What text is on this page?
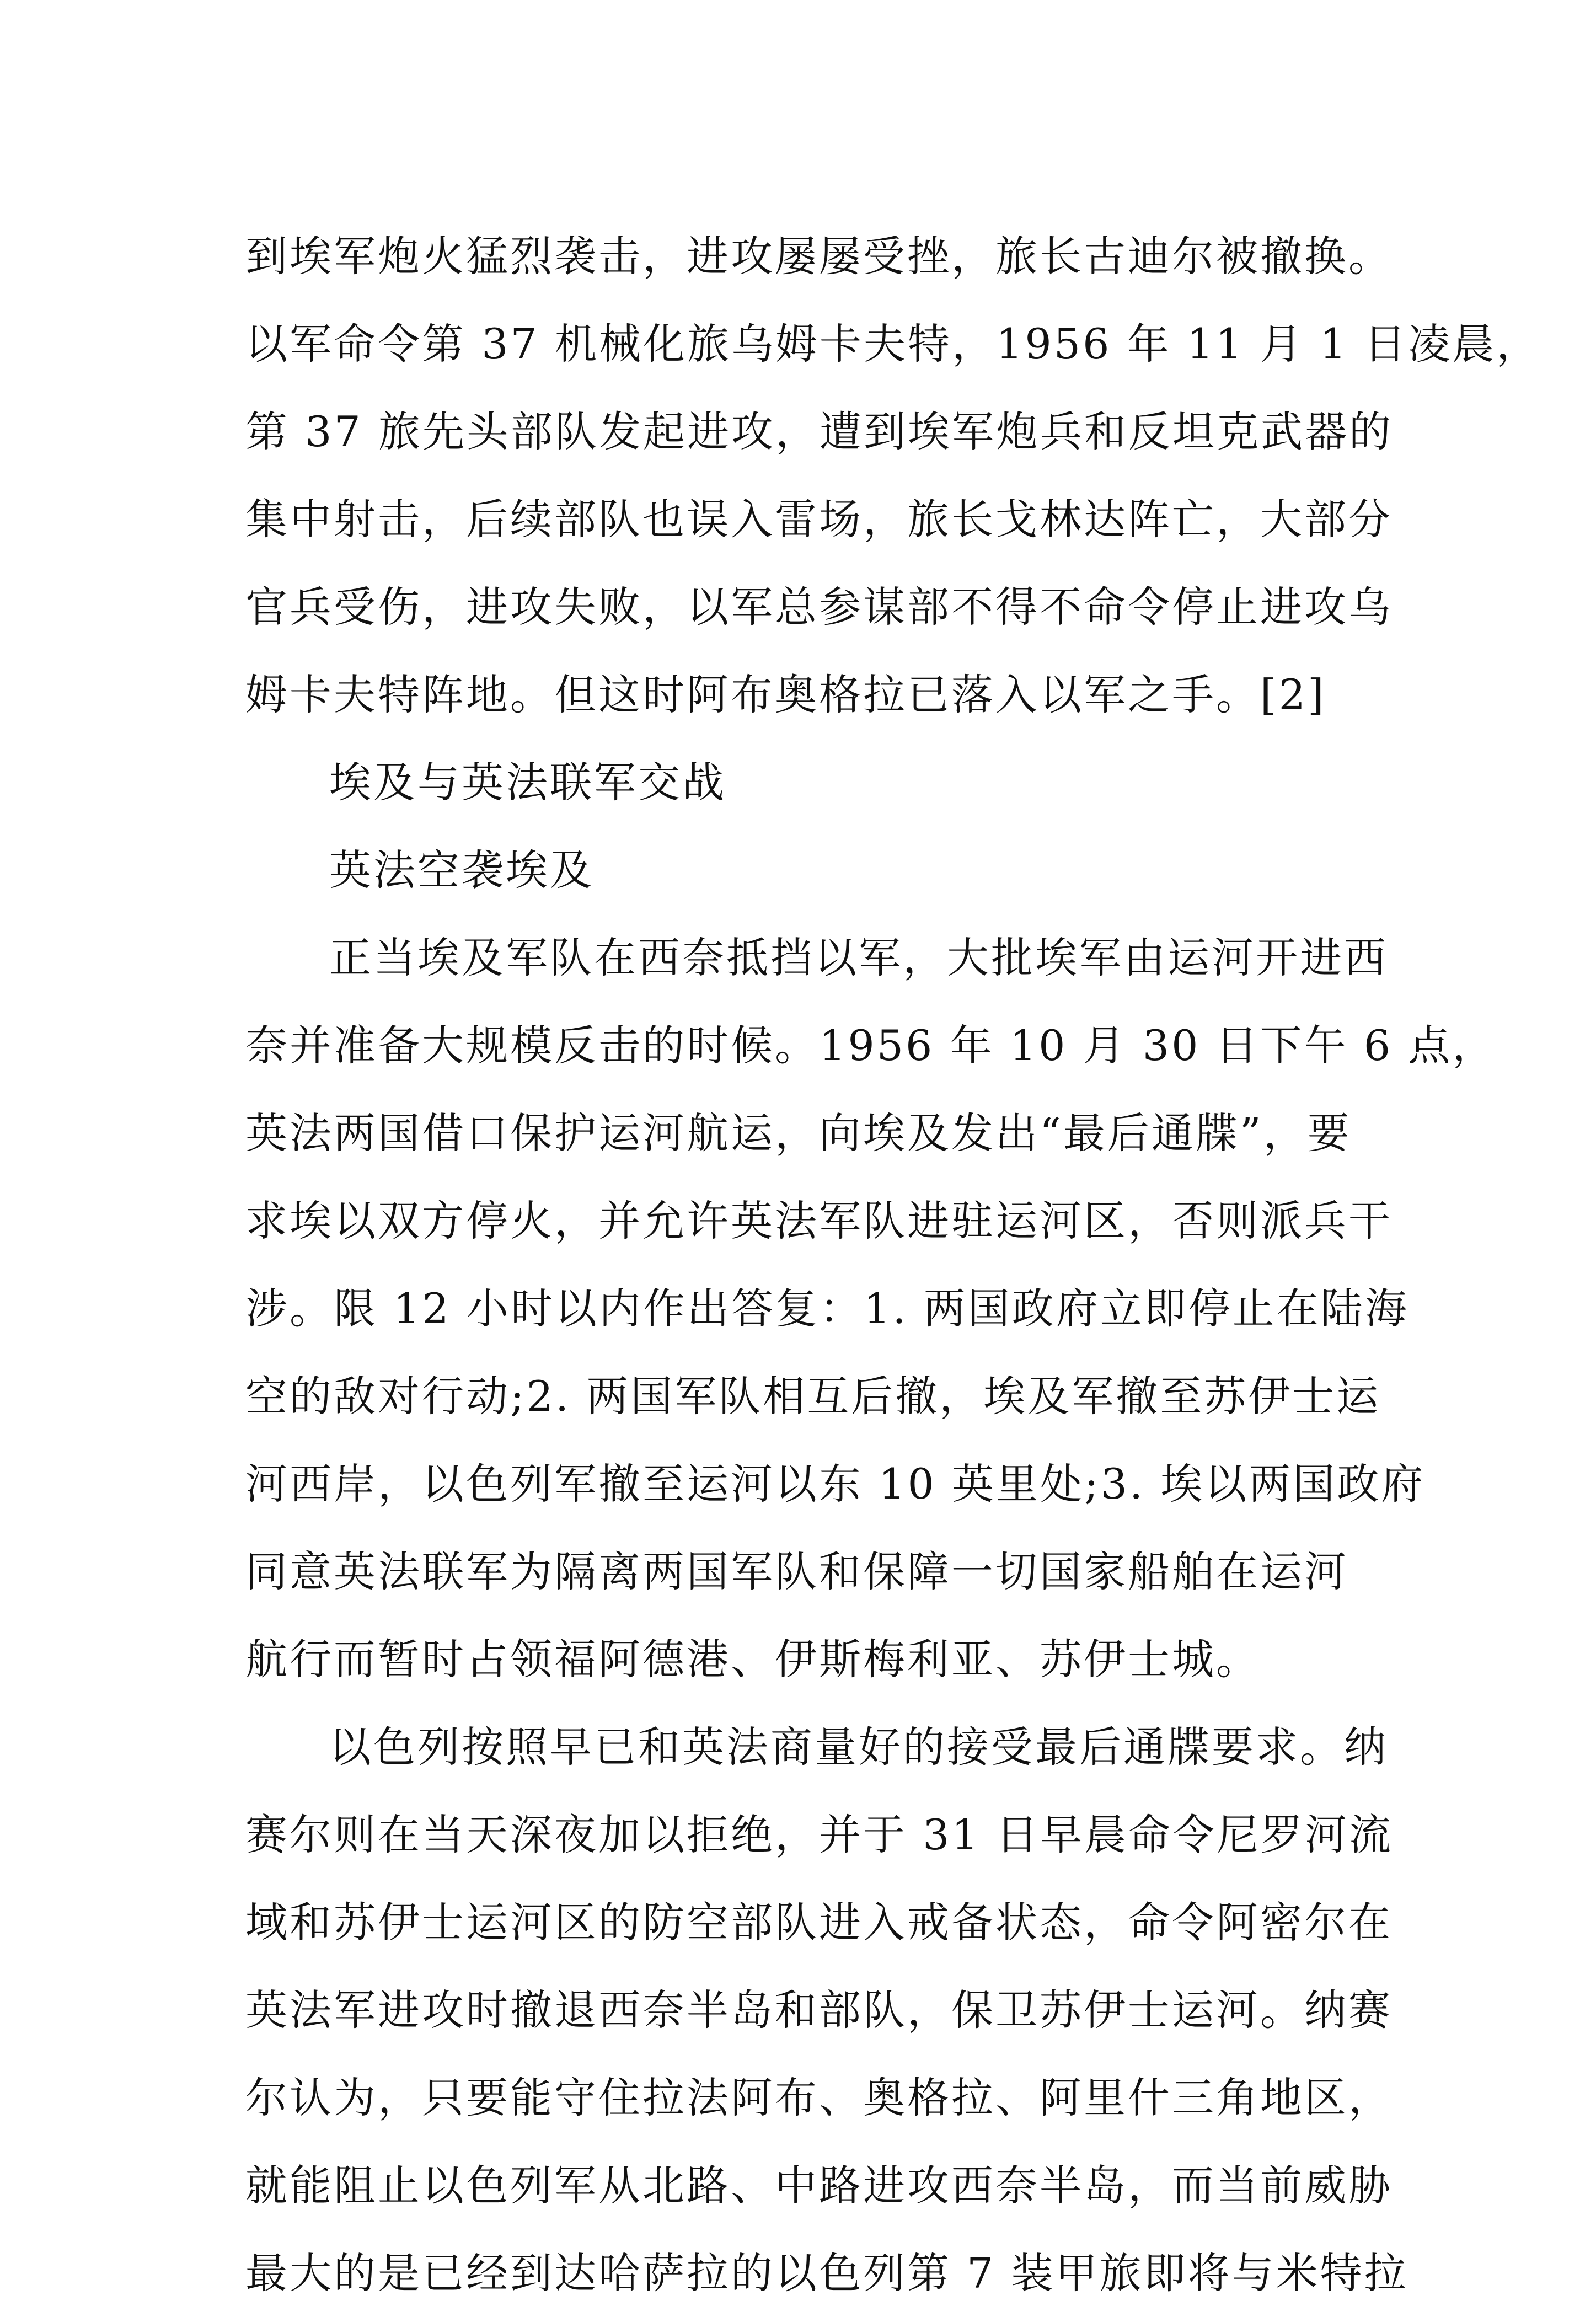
到埃军炮火猛烈袭击，进攻屡屡受挫，旅长古迪尔被撤换。
以军命令第 37 机械化旅乌姆卡夫特，1956 年 11 月 1 日凌晨，
第 37 旅先头部队发起进攻，遭到埃军炮兵和反坦克武器的
集中射击，后续部队也误入雷场，旅长戈林达阵亡，大部分
官兵受伤，进攻失败，以军总参谋部不得不命令停止进攻乌
姆卡夫特阵地。但这时阿布奥格拉已落入以军之手。[2]
埃及与英法联军交战
英法空袭埃及
正当埃及军队在西奈抵挡以军，大批埃军由运河开进西
奈并准备大规模反击的时候。1956 年 10 月 30 日下午 6 点，
英法两国借口保护运河航运，向埃及发出“最后通牒”，要
求埃以双方停火，并允许英法军队进驻运河区，否则派兵干
涉。限 12 小时以内作出答复：1. 两国政府立即停止在陆海
空的敌对行动;2. 两国军队相互后撤，埃及军撤至苏伊士运
河西岸，以色列军撤至运河以东 10 英里处;3. 埃以两国政府
同意英法联军为隔离两国军队和保障一切国家船舶在运河
航行而暂时占领福阿德港、伊斯梅利亚、苏伊士城。
以色列按照早已和英法商量好的接受最后通牒要求。纳
赛尔则在当天深夜加以拒绝，并于 31 日早晨命令尼罗河流
域和苏伊士运河区的防空部队进入戒备状态，命令阿密尔在
英法军进攻时撤退西奈半岛和部队，保卫苏伊士运河。纳赛
尔认为，只要能守住拉法阿布、奥格拉、阿里什三角地区，
就能阻止以色列军从北路、中路进攻西奈半岛，而当前威胁
最大的是已经到达哈萨拉的以色列第 7 装甲旅即将与米特拉
